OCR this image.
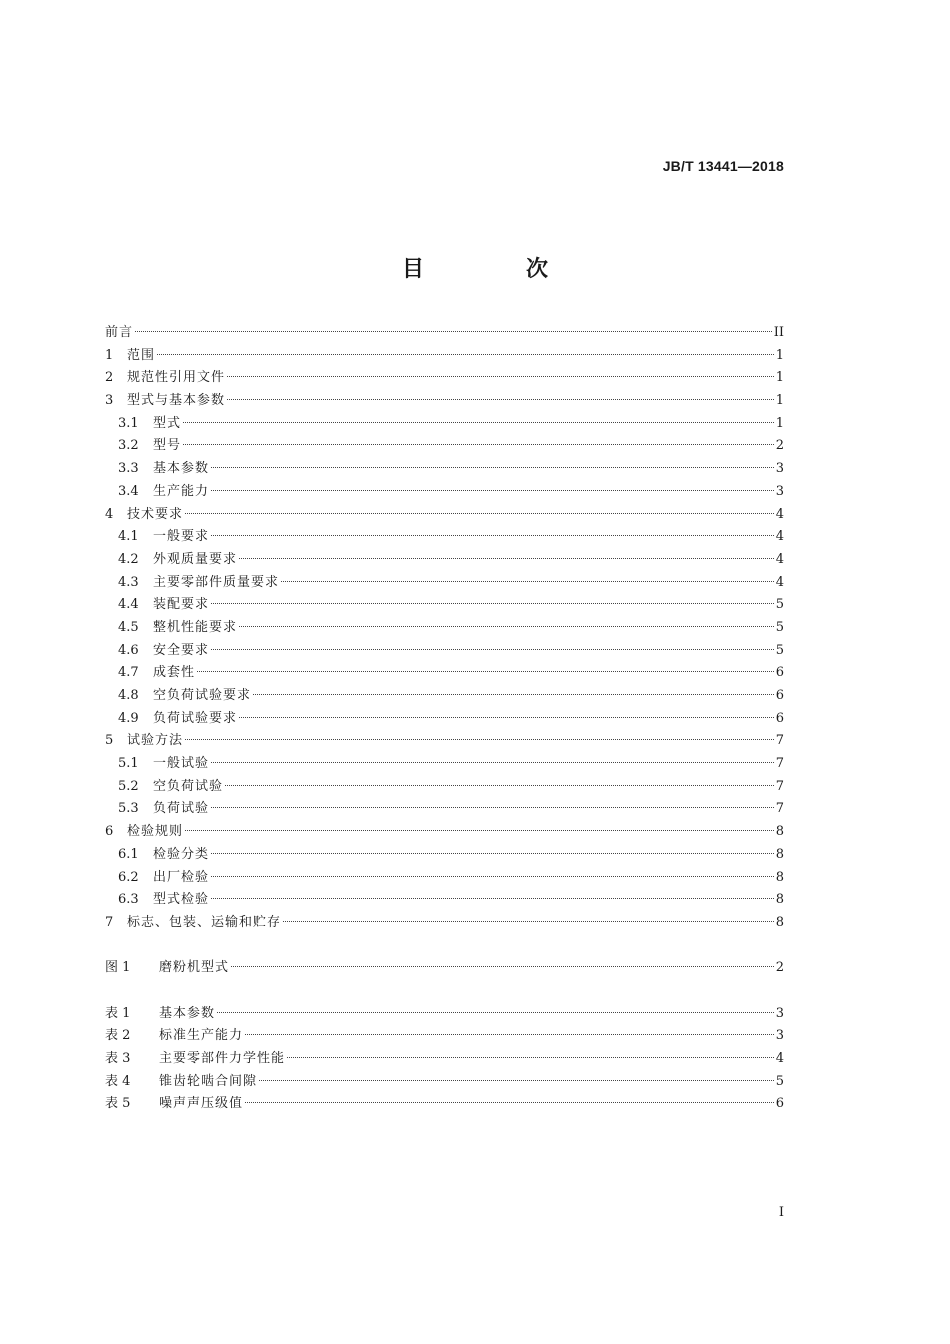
JB/T 13441—2018
目　次
前言	II
1	范围	1
2	规范性引用文件	1
3	型式与基本参数	1
3.1	型式	1
3.2	型号	2
3.3	基本参数	3
3.4	生产能力	3
4	技术要求	4
4.1	一般要求	4
4.2	外观质量要求	4
4.3	主要零部件质量要求	4
4.4	装配要求	5
4.5	整机性能要求	5
4.6	安全要求	5
4.7	成套性	6
4.8	空负荷试验要求	6
4.9	负荷试验要求	6
5	试验方法	7
5.1	一般试验	7
5.2	空负荷试验	7
5.3	负荷试验	7
6	检验规则	8
6.1	检验分类	8
6.2	出厂检验	8
6.3	型式检验	8
7	标志、包装、运输和贮存	8
图 1	磨粉机型式	2
表 1	基本参数	3
表 2	标准生产能力	3
表 3	主要零部件力学性能	4
表 4	锥齿轮啮合间隙	5
表 5	噪声声压级值	6
I
